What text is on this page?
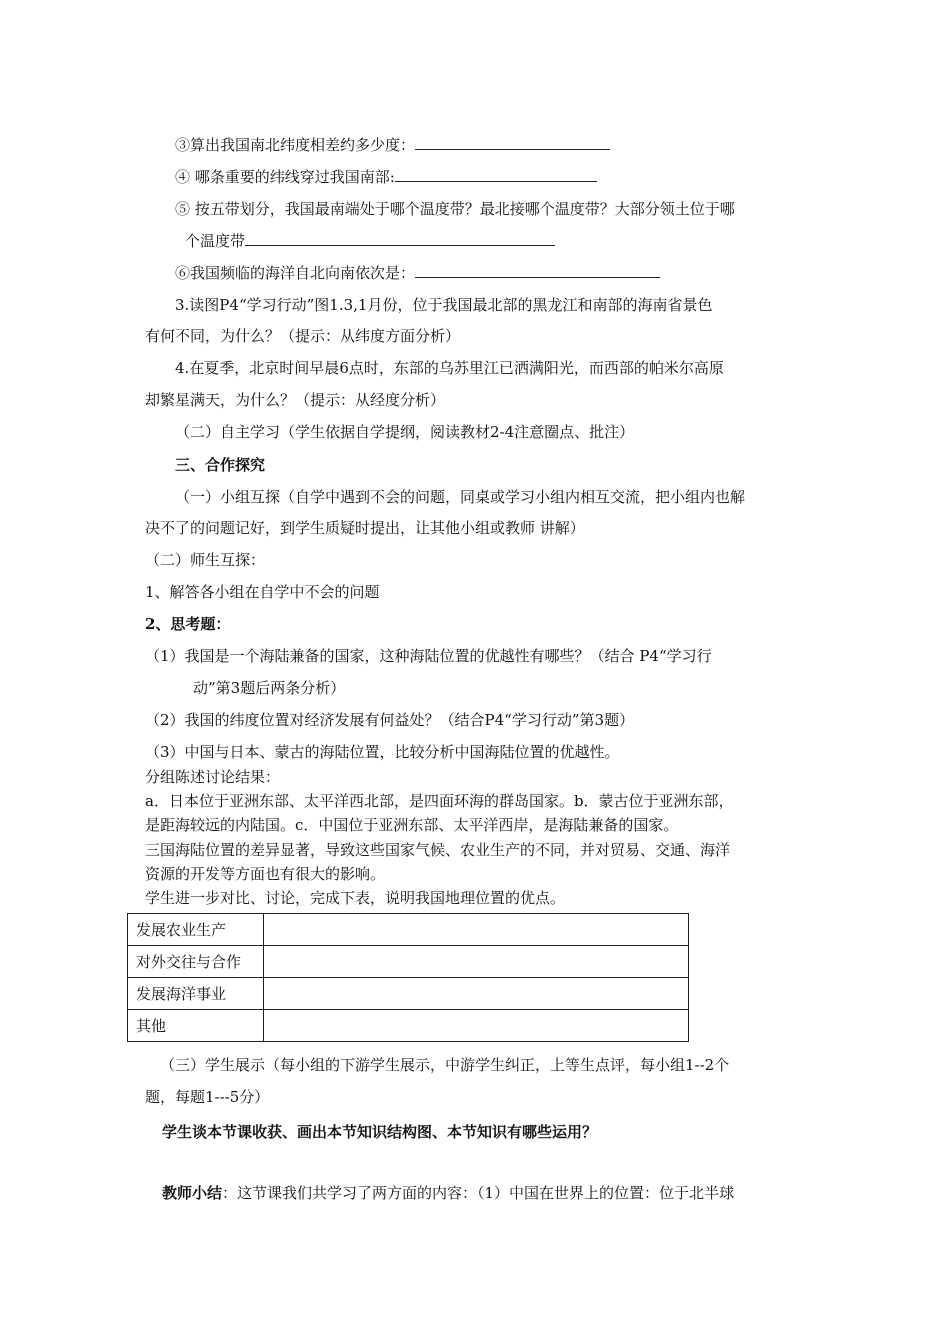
③算出我国南北纬度相差约多少度：
④ 哪条重要的纬线穿过我国南部:
⑤ 按五带划分，我国最南端处于哪个温度带？最北接哪个温度带？大部分领土位于哪
个温度带
⑥我国频临的海洋自北向南依次是：
3.读图P4“学习行动”图1.3,1月份，位于我国最北部的黑龙江和南部的海南省景色
有何不同，为什么？（提示：从纬度方面分析）
4.在夏季，北京时间早晨6点时，东部的乌苏里江已洒满阳光，而西部的帕米尔高原
却繁星满天，为什么？（提示：从经度分析）
（二）自主学习（学生依据自学提纲，阅读教材2-4注意圈点、批注）
三、合作探究
（一）小组互探（自学中遇到不会的问题，同桌或学习小组内相互交流，把小组内也解
决不了的问题记好，到学生质疑时提出，让其他小组或教师 讲解）
（二）师生互探：
1、解答各小组在自学中不会的问题
2、思考题：
（1）我国是一个海陆兼备的国家，这种海陆位置的优越性有哪些？（结合 P4“学习行
动”第3题后两条分析）
（2）我国的纬度位置对经济发展有何益处？（结合P4“学习行动”第3题）
（3）中国与日本、蒙古的海陆位置，比较分析中国海陆位置的优越性。
分组陈述讨论结果：
a．日本位于亚洲东部、太平洋西北部，是四面环海的群岛国家。b．蒙古位于亚洲东部，
是距海较远的内陆国。c．中国位于亚洲东部、太平洋西岸，是海陆兼备的国家。
三国海陆位置的差异显著，导致这些国家气候、农业生产的不同，并对贸易、交通、海洋
资源的开发等方面也有很大的影响。
学生进一步对比、讨论，完成下表，说明我国地理位置的优点。
发展农业生产	
对外交往与合作	
发展海洋事业	
其他	
（三）学生展示（每小组的下游学生展示，中游学生纠正，上等生点评，每小组1--2个
题，每题1---5分）
学生谈本节课收获、画出本节知识结构图、本节知识有哪些运用？
教师小结：这节课我们共学习了两方面的内容：（1）中国在世界上的位置：位于北半球
